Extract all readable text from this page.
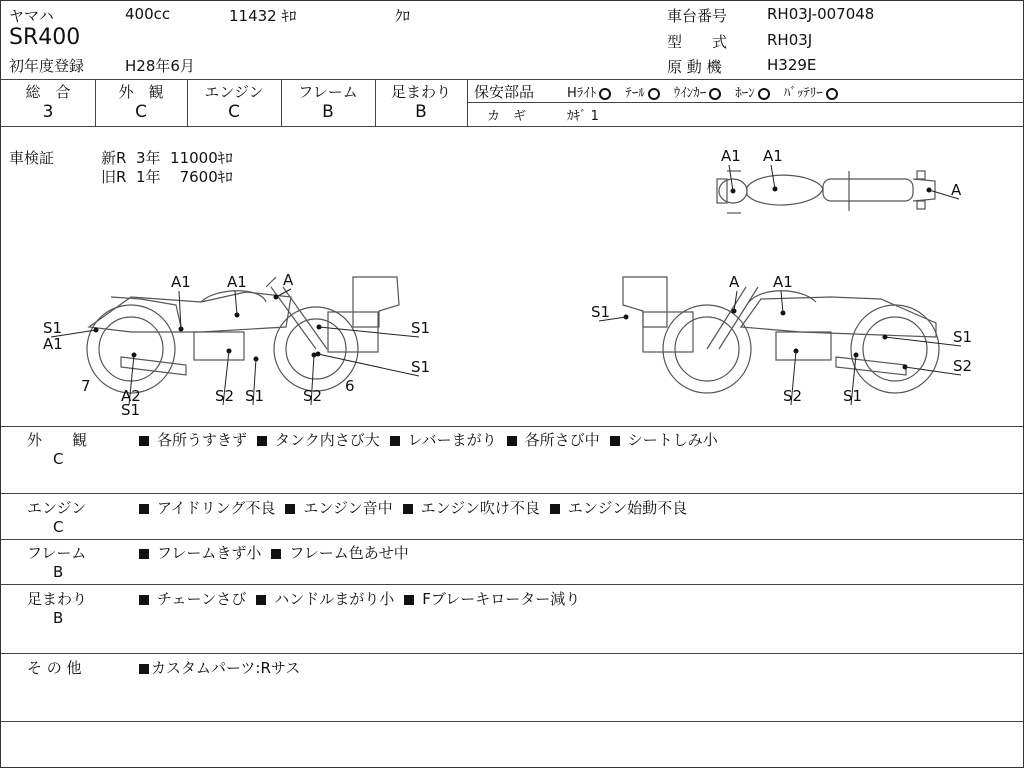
ヤマハ	400cc	11432 ｷﾛ	ｸﾛ
SR400
初年度登録	H28年6月
車台番号	RH03J-007048
型　　式	RH03J
原 動 機	H329E
総　合
3
外　観
C
エンジン
C
フレーム
B
足まわり
B
保安部品	Hﾗｲﾄ ﾃｰﾙ ｳｲﾝｶｰ ﾎｰﾝ ﾊﾞｯﾃﾘｰ
カ　ギ	ｶｷﾞ 1
車検証	新R  3年  11000ｷﾛ
旧R  1年    7600ｷﾛ
A1 A1
A
A1 A1 A
S1
A1
S1
S1
7
A2
S1
S2 S1	S2
6
A A1
S1
S1
S2
S2	S1
外　　観
C
各所うすきず タンク内さび大 レバーまがり 各所さび中 シートしみ小
エンジン
C
アイドリング不良 エンジン音中 エンジン吹け不良 エンジン始動不良
フレーム
B
フレームきず小 フレーム色あせ中
足まわり
B
チェーンさび ハンドルまがり小 Fブレーキローター減り
そ の 他	カスタムパーツ:Rサス
